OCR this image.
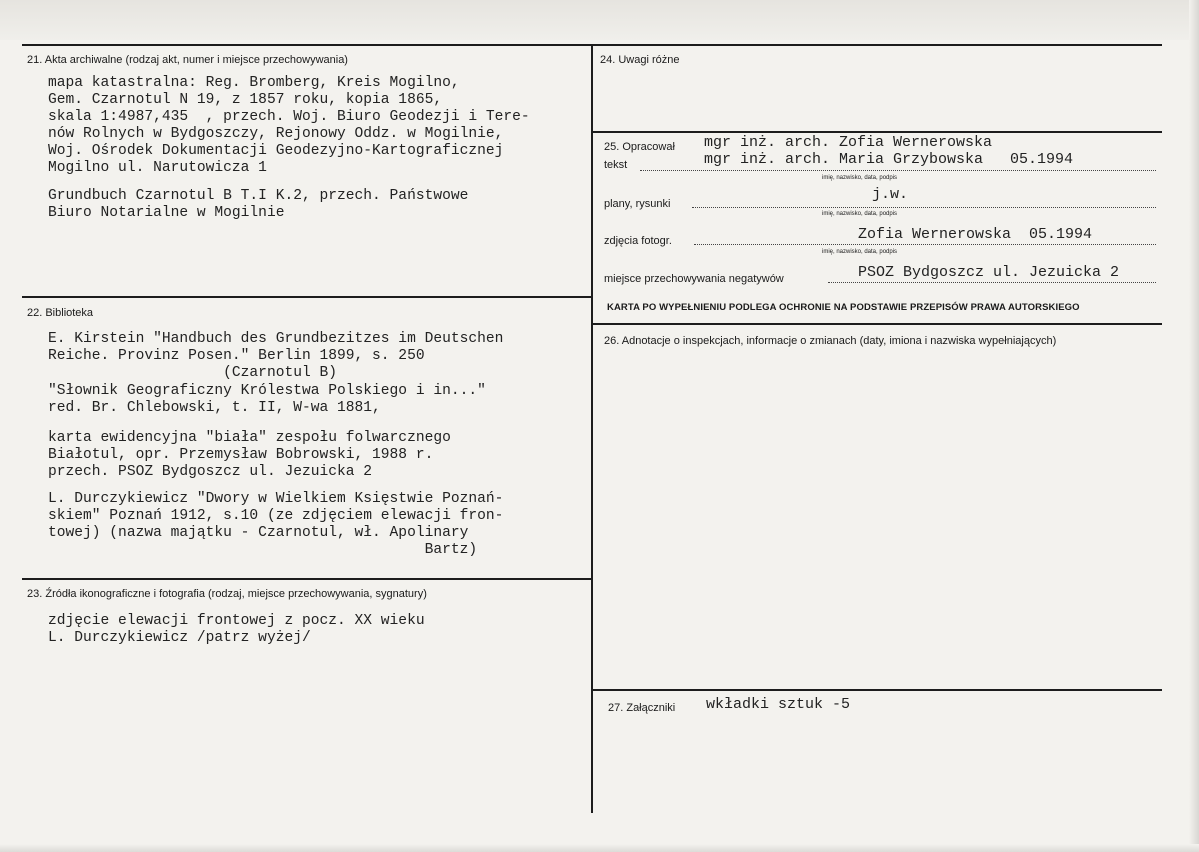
21. Akta archiwalne (rodzaj akt, numer i miejsce przechowywania)
mapa katastralna: Reg. Bromberg, Kreis Mogilno,
Gem. Czarnotul N 19, z 1857 roku, kopia 1865,
skala 1:4987,435  , przech. Woj. Biuro Geodezji i Tere-
nów Rolnych w Bydgoszczy, Rejonowy Oddz. w Mogilnie,
Woj. Ośrodek Dokumentacji Geodezyjno-Kartograficznej
Mogilno ul. Narutowicza 1
Grundbuch Czarnotul B T.I K.2, przech. Państwowe
Biuro Notarialne w Mogilnie
22. Biblioteka
E. Kirstein "Handbuch des Grundbezitzes im Deutschen
Reiche. Provinz Posen." Berlin 1899, s. 250
(Czarnotul B)
"Słownik Geograficzny Królestwa Polskiego i in..."
red. Br. Chlebowski, t. II, W-wa 1881,
karta ewidencyjna "biała" zespołu folwarcznego
Białotul, opr. Przemysław Bobrowski, 1988 r.
przech. PSOZ Bydgoszcz ul. Jezuicka 2
L. Durczykiewicz "Dwory w Wielkiem Księstwie Poznań-
skiem" Poznań 1912, s.10 (ze zdjęciem elewacji fron-
towej) (nazwa majątku - Czarnotul, wł. Apolinary
Bartz)
23. Źródła ikonograficzne i fotografia (rodzaj, miejsce przechowywania, sygnatury)
zdjęcie elewacji frontowej z pocz. XX wieku
L. Durczykiewicz /patrz wyżej/
24. Uwagi różne
25. Opracował
tekst
mgr inż. arch. Zofia Wernerowska
mgr inż. arch. Maria Grzybowska   05.1994
imię, nazwisko, data, podpis
plany, rysunki
j.w.
imię, nazwisko, data, podpis
zdjęcia fotogr.	Zofia Wernerowska  05.1994
imię, nazwisko, data, podpis
miejsce przechowywania negatywów	PSOZ Bydgoszcz ul. Jezuicka 2
KARTA PO WYPEŁNIENIU PODLEGA OCHRONIE NA PODSTAWIE PRZEPISÓW PRAWA AUTORSKIEGO
26. Adnotacje o inspekcjach, informacje o zmianach (daty, imiona i nazwiska wypełniających)
27. Załączniki wkładki sztuk -5
